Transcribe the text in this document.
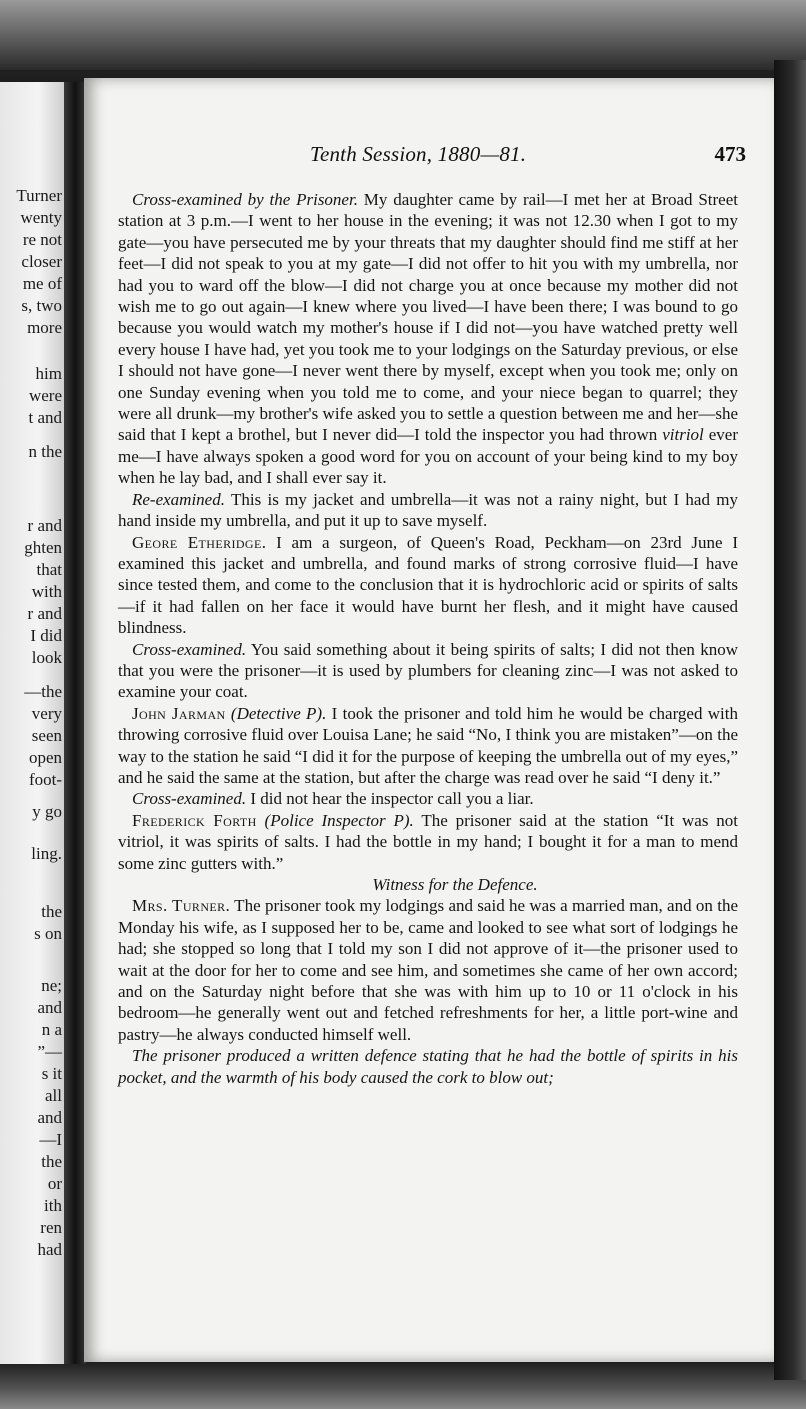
Turner
wenty
re not
closer
me of
s, two
more
him
were
t and
n the
r and
ghten
that
with
r and
I did
look
—the
very
seen
open
foot-
y go
ling.
the
s on
ne;
and
n a
”—
s it
all
and
—I
the
or
ith
ren
had
Tenth Session, 1880—81.	473

Cross-examined by the Prisoner. My daughter came by rail—I met her at Broad Street station at 3 p.m.—I went to her house in the evening; it was not 12.30 when I got to my gate—you have persecuted me by your threats that my daughter should find me stiff at her feet—I did not speak to you at my gate—I did not offer to hit you with my umbrella, nor had you to ward off the blow—I did not charge you at once because my mother did not wish me to go out again—I knew where you lived—I have been there; I was bound to go because you would watch my mother's house if I did not—you have watched pretty well every house I have had, yet you took me to your lodgings on the Saturday previous, or else I should not have gone—I never went there by myself, except when you took me; only on one Sunday evening when you told me to come, and your niece began to quarrel; they were all drunk—my brother's wife asked you to settle a question between me and her—she said that I kept a brothel, but I never did—I told the inspector you had thrown vitriol ever me—I have always spoken a good word for you on account of your being kind to my boy when he lay bad, and I shall ever say it.

Re-examined. This is my jacket and umbrella—it was not a rainy night, but I had my hand inside my umbrella, and put it up to save myself.

Geore Etheridge. I am a surgeon, of Queen's Road, Peckham—on 23rd June I examined this jacket and umbrella, and found marks of strong corrosive fluid—I have since tested them, and come to the conclusion that it is hydrochloric acid or spirits of salts—if it had fallen on her face it would have burnt her flesh, and it might have caused blindness.

Cross-examined. You said something about it being spirits of salts; I did not then know that you were the prisoner—it is used by plumbers for cleaning zinc—I was not asked to examine your coat.

John Jarman (Detective P). I took the prisoner and told him he would be charged with throwing corrosive fluid over Louisa Lane; he said “No, I think you are mistaken”—on the way to the station he said “I did it for the purpose of keeping the umbrella out of my eyes,” and he said the same at the station, but after the charge was read over he said “I deny it.”

Cross-examined. I did not hear the inspector call you a liar.

Frederick Forth (Police Inspector P). The prisoner said at the station “It was not vitriol, it was spirits of salts. I had the bottle in my hand; I bought it for a man to mend some zinc gutters with.”

Witness for the Defence.

Mrs. Turner. The prisoner took my lodgings and said he was a married man, and on the Monday his wife, as I supposed her to be, came and looked to see what sort of lodgings he had; she stopped so long that I told my son I did not approve of it—the prisoner used to wait at the door for her to come and see him, and sometimes she came of her own accord; and on the Saturday night before that she was with him up to 10 or 11 o'clock in his bedroom—he generally went out and fetched refreshments for her, a little port-wine and pastry—he always conducted himself well.

The prisoner produced a written defence stating that he had the bottle of spirits in his pocket, and the warmth of his body caused the cork to blow out;
